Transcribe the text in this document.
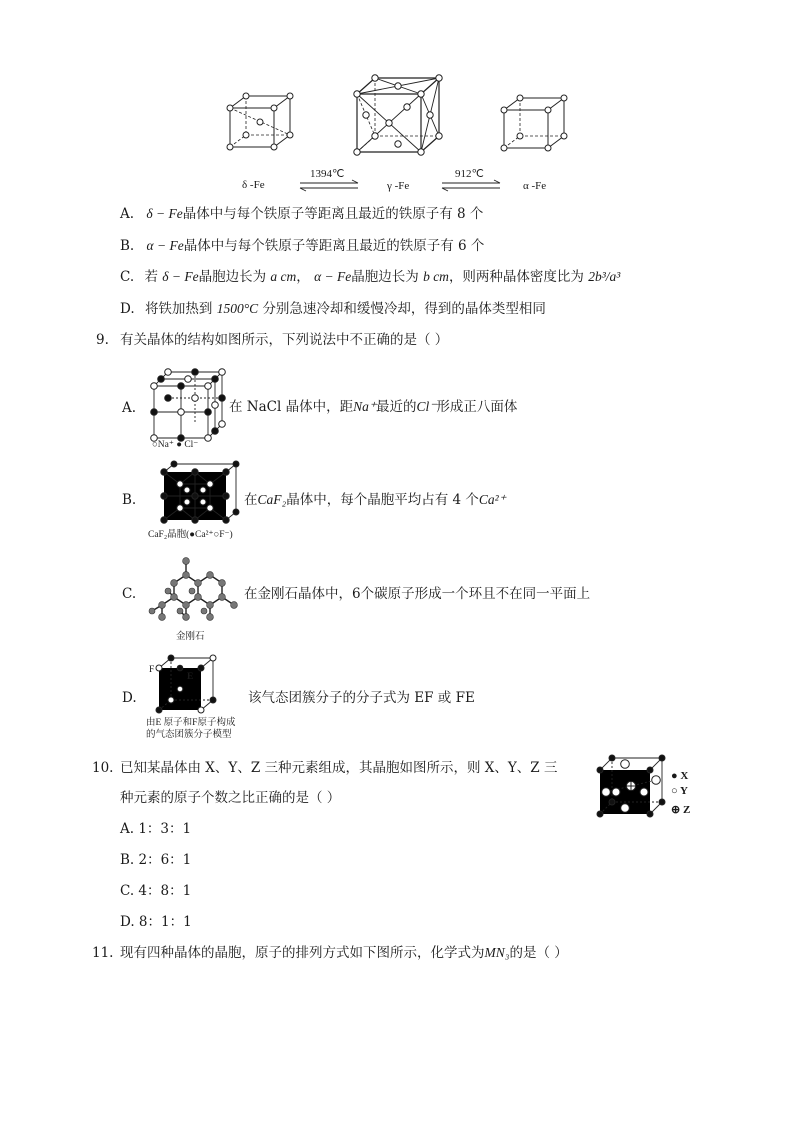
1394℃	912℃
δ -Fe	γ -Fe	α -Fe
A. δ − Fe晶体中与每个铁原子等距离且最近的铁原子有 8 个
B. α − Fe晶体中与每个铁原子等距离且最近的铁原子有 6 个
C. 若 δ − Fe晶胞边长为 a cm， α − Fe晶胞边长为 b cm，则两种晶体密度比为 2b³/a³
D. 将铁加热到 1500°C 分别急速冷却和缓慢冷却，得到的晶体类型相同
9. 有关晶体的结构如图所示，下列说法中不正确的是（ ）
A.
○Na⁺ ● Cl⁻
在 NaCl 晶体中，距Na⁺最近的Cl⁻形成正八面体
B.
CaF₂晶胞(●Ca²⁺○F⁻)
在CaF₂晶体中，每个晶胞平均占有 4 个Ca²⁺
C.
金刚石
在金刚石晶体中，6个碳原子形成一个环且不在同一平面上
D.
F
E
由E 原子和F原子构成
的气态团簇分子模型
该气态团簇分子的分子式为 EF 或 FE
10. 已知某晶体由 X、Y、Z 三种元素组成，其晶胞如图所示，则 X、Y、Z 三
种元素的原子个数之比正确的是（ ）
● X
○ Y
⊕ Z
A. 1：3：1
B. 2：6：1
C. 4：8：1
D. 8：1：1
11. 现有四种晶体的晶胞，原子的排列方式如下图所示，化学式为MN₃的是（ ）
